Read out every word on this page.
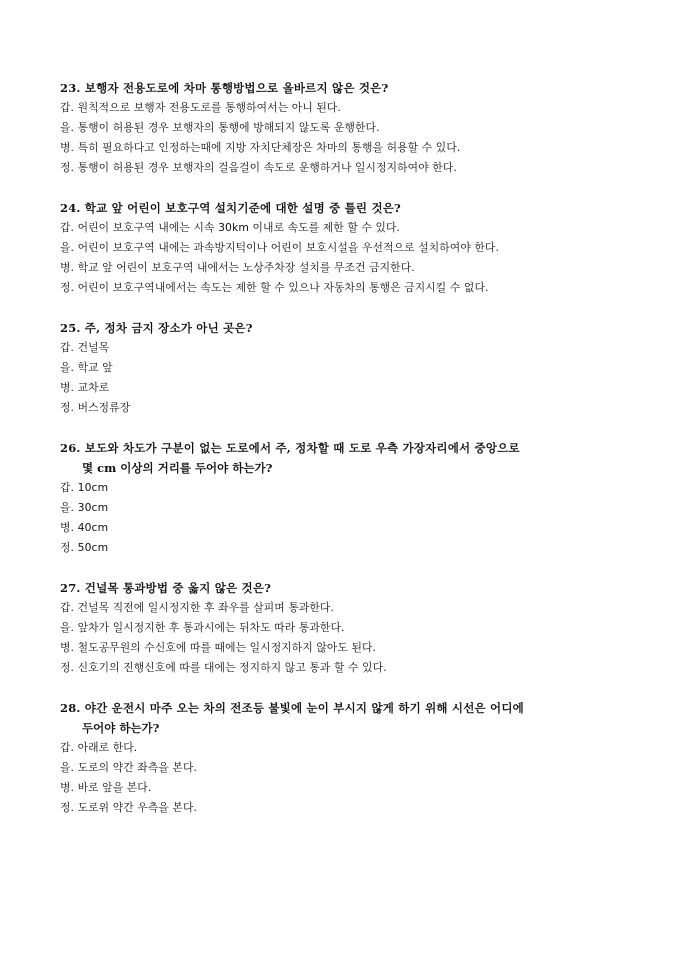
23. 보행자 전용도로에 차마 통행방법으로 올바르지 않은 것은?
갑. 원칙적으로 보행자 전용도로를 통행하여서는 아니 된다.
을. 통행이 허용된 경우 보행자의 통행에 방해되지 않도록 운행한다.
병. 특히 필요하다고 인정하는때에 지방 자치단체장은 차마의 통행을 허용할 수 있다.
정. 통행이 허용된 경우 보행자의 걸음걸이 속도로 운행하거나 일시정지하여야 한다.
24. 학교 앞 어린이 보호구역 설치기준에 대한 설명 중 틀린 것은?
갑. 어린이 보호구역 내에는 시속 30km 이내로 속도를 제한 할 수 있다.
을. 어린이 보호구역 내에는 과속방지턱이나 어린이 보호시설을 우선적으로 설치하여야 한다.
병. 학교 앞 어린이 보호구역 내에서는 노상주차장 설치를 무조건 금지한다.
정. 어린이 보호구역내에서는 속도는 제한 할 수 있으나 자동차의 통행은 금지시킬 수 없다.
25. 주, 정차 금지 장소가 아닌 곳은?
갑. 건널목
을. 학교 앞
병. 교차로
정. 버스정류장
26. 보도와 차도가 구분이 없는 도로에서 주, 정차할 때 도로 우측 가장자리에서 중앙으로
몇 cm 이상의 거리를 두어야 하는가?
갑. 10cm
을. 30cm
병. 40cm
정. 50cm
27. 건널목 통과방법 중 옳지 않은 것은?
갑. 건널목 직전에 일시정지한 후 좌우를 살피며 통과한다.
을. 앞차가 일시정지한 후 통과시에는 뒤차도 따라 통과한다.
병. 철도공무원의 수신호에 따를 때에는 일시정지하지 않아도 된다.
정. 신호기의 진행신호에 따를 대에는 정지하지 않고 통과 할 수 있다.
28. 야간 운전시 마주 오는 차의 전조등 불빛에 눈이 부시지 않게 하기 위해 시선은 어디에
두어야 하는가?
갑. 아래로 한다.
을. 도로의 약간 좌측을 본다.
병. 바로 앞을 본다.
정. 도로위 약간 우측을 본다.
